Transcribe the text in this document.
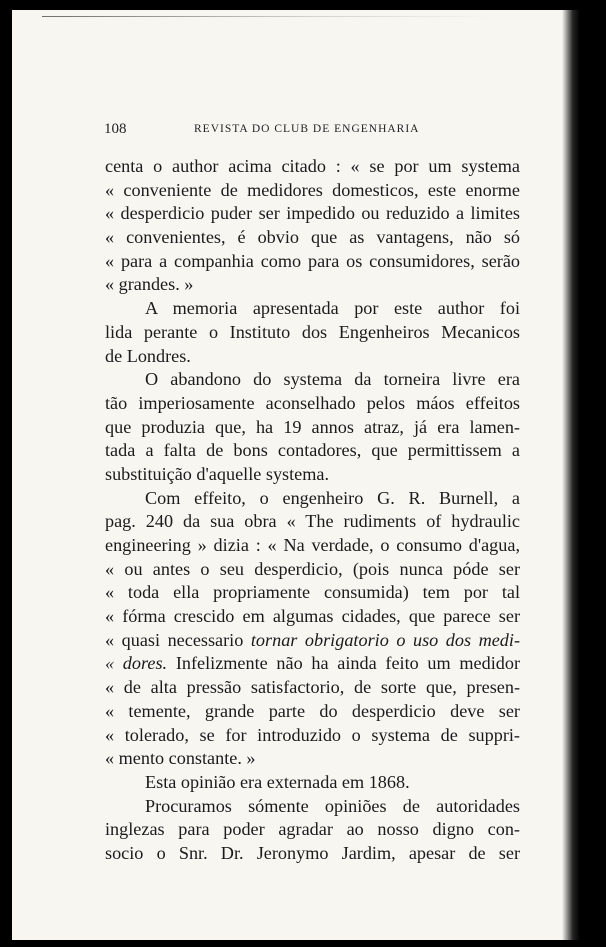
108	REVISTA DO CLUB DE ENGENHARIA
centa o author acima citado : « se por um systema
« conveniente de medidores domesticos, este enorme
« desperdicio puder ser impedido ou reduzido a limites
« convenientes, é obvio que as vantagens, não só
« para a companhia como para os consumidores, serão
« grandes. »
A memoria apresentada por este author foi
lida perante o Instituto dos Engenheiros Mecanicos
de Londres.
O abandono do systema da torneira livre era
tão imperiosamente aconselhado pelos máos effeitos
que produzia que, ha 19 annos atraz, já era lamen-
tada a falta de bons contadores, que permittissem a
substituição d'aquelle systema.
Com effeito, o engenheiro G. R. Burnell, a
pag. 240 da sua obra « The rudiments of hydraulic
engineering » dizia : « Na verdade, o consumo d'agua,
« ou antes o seu desperdicio, (pois nunca póde ser
« toda ella propriamente consumida) tem por tal
« fórma crescido em algumas cidades, que parece ser
« quasi necessario tornar obrigatorio o uso dos medi-
« dores. Infelizmente não ha ainda feito um medidor
« de alta pressão satisfactorio, de sorte que, presen-
« temente, grande parte do desperdicio deve ser
« tolerado, se for introduzido o systema de suppri-
« mento constante. »
Esta opinião era externada em 1868.
Procuramos sómente opiniões de autoridades
inglezas para poder agradar ao nosso digno con-
socio o Snr. Dr. Jeronymo Jardim, apesar de ser
